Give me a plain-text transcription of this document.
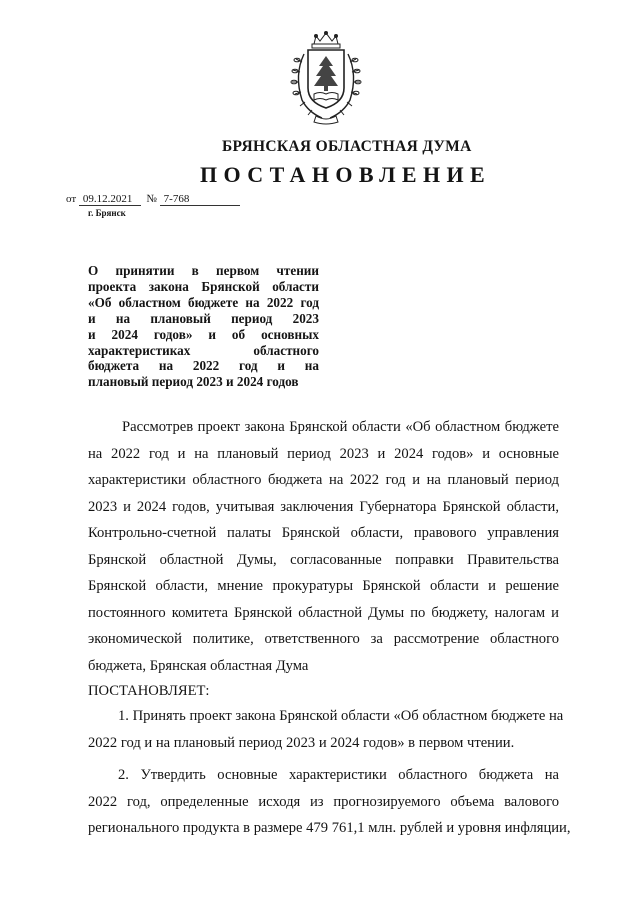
БРЯНСКАЯ ОБЛАСТНАЯ ДУМА
ПОСТАНОВЛЕНИЕ
от 09.12.2021 № 7-768
г. Брянск
О принятии в первом чтении
проекта закона Брянской области
«Об областном бюджете на 2022 год
и на плановый период 2023
и 2024 годов» и об основных
характеристиках областного
бюджета на 2022 год и на
плановый период 2023 и 2024 годов
Рассмотрев проект закона Брянской области «Об областном бюджете
на 2022 год и на плановый период 2023 и 2024 годов» и основные
характеристики областного бюджета на 2022 год и на плановый период
2023 и 2024 годов, учитывая заключения Губернатора Брянской области,
Контрольно-счетной палаты Брянской области, правового управления
Брянской областной Думы, согласованные поправки Правительства
Брянской области, мнение прокуратуры Брянской области и решение
постоянного комитета Брянской областной Думы по бюджету, налогам и
экономической политике, ответственного за рассмотрение областного
бюджета, Брянская областная Дума
ПОСТАНОВЛЯЕТ:
1. Принять проект закона Брянской области «Об областном бюджете на
2022 год и на плановый период 2023 и 2024 годов» в первом чтении.
2. Утвердить основные характеристики областного бюджета на
2022 год, определенные исходя из прогнозируемого объема валового
регионального продукта в размере 479 761,1 млн. рублей и уровня инфляции,
